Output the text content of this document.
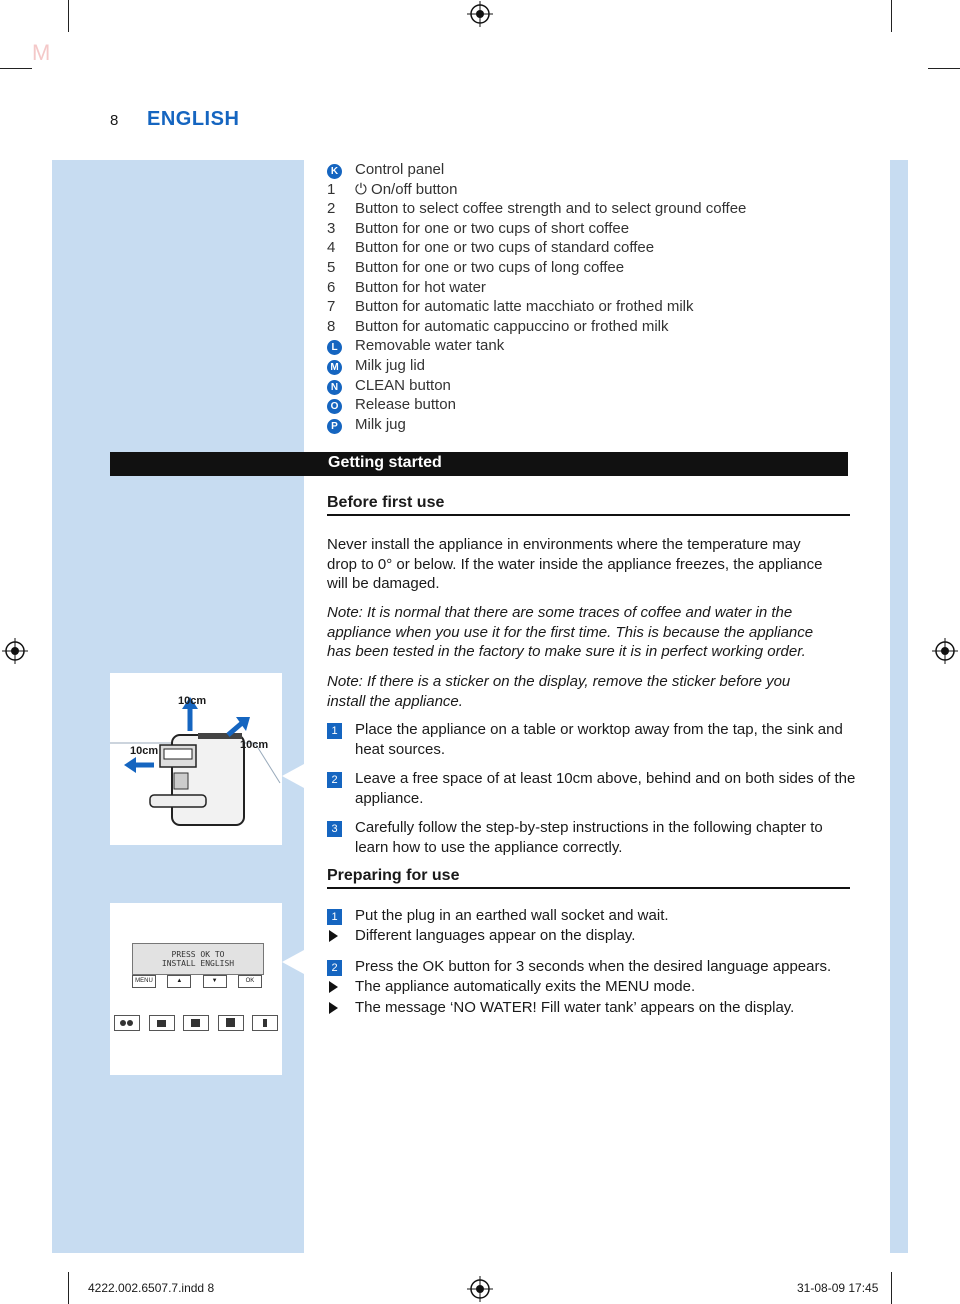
M
8 ENGLISH
10cm
10cm	10cm
PRESS OK TO
INSTALL ENGLISH
MENU	▲	▼	OK
K	Control panel
1	⏻ On/off button
2	Button to select coffee strength and to select ground coffee
3	Button for one or two cups of short coffee
4	Button for one or two cups of standard coffee
5	Button for one or two cups of long coffee
6	Button for hot water
7	Button for automatic latte macchiato or frothed milk
8	Button for automatic cappuccino or frothed milk
L	Removable water tank
M	Milk jug lid
N	CLEAN button
O	Release button
P	Milk jug
Getting started
Before first use
Never install the appliance in environments where the temperature may drop to 0° or below. If the water inside the appliance freezes, the appliance will be damaged.
Note: It is normal that there are some traces of coffee and water in the appliance when you use it for the first time. This is because the appliance has been tested in the factory to make sure it is in perfect working order.
Note: If there is a sticker on the display, remove the sticker before you install the appliance.
1	Place the appliance on a table or worktop away from the tap, the sink and heat sources.
2	Leave a free space of at least 10cm above, behind and on both sides of the appliance.
3	Carefully follow the step-by-step instructions in the following chapter to learn how to use the appliance correctly.
Preparing for use
1	Put the plug in an earthed wall socket and wait.
Different languages appear on the display.
2	Press the OK button for 3 seconds when the desired language appears.
The appliance automatically exits the MENU mode.
The message ‘NO WATER! Fill water tank’ appears on the display.
4222.002.6507.7.indd 8	31-08-09 17:45
